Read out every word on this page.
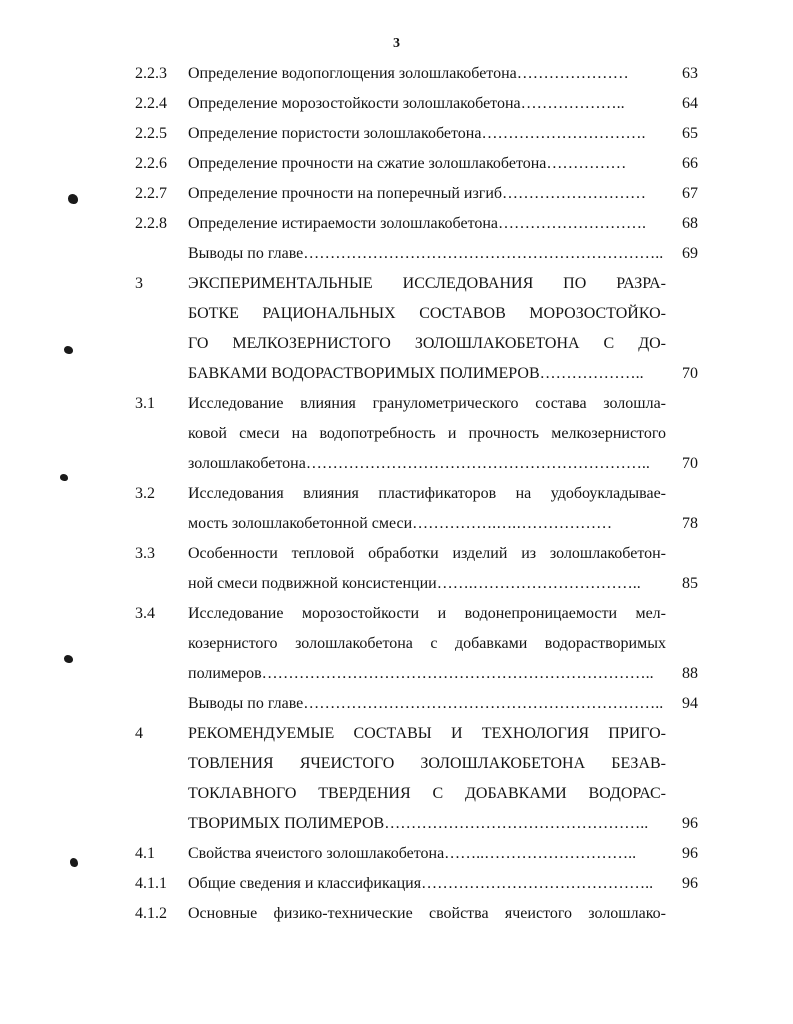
3
2.2.3 Определение водопоглощения золошлакобетона…………………	63
2.2.4 Определение морозостойкости золошлакобетона………………..	64
2.2.5 Определение пористости золошлакобетона………………………….	65
2.2.6 Определение прочности на сжатие золошлакобетона……………	66
2.2.7 Определение прочности на поперечный изгиб………………………	67
2.2.8 Определение истираемости золошлакобетона……………………….	68
Выводы по главе…………………………………………………………..	69
3	ЭКСПЕРИМЕНТАЛЬНЫЕ ИССЛЕДОВАНИЯ ПО РАЗРА-
БОТКЕ РАЦИОНАЛЬНЫХ СОСТАВОВ МОРОЗОСТОЙКО-
ГО МЕЛКОЗЕРНИСТОГО ЗОЛОШЛАКОБЕТОНА С ДО-
БАВКАМИ ВОДОРАСТВОРИМЫХ ПОЛИМЕРОВ………………..	70
3.1 Исследование влияния гранулометрического состава золошла-
ковой смеси на водопотребность и прочность мелкозернистого
золошлакобетона………………………………………………………..	70
3.2 Исследования влияния пластификаторов на удобоукладывае-
мость золошлакобетонной смеси…………….….………………	78
3.3 Особенности тепловой обработки изделий из золошлакобетон-
ной смеси подвижной консистенции…….…………………………..	85
3.4 Исследование морозостойкости и водонепроницаемости мел-
козернистого золошлакобетона с добавками водорастворимых
полимеров………………………………………………………………..	88
Выводы по главе…………………………………………………………..	94
4	РЕКОМЕНДУЕМЫЕ СОСТАВЫ И ТЕХНОЛОГИЯ ПРИГО-
ТОВЛЕНИЯ ЯЧЕИСТОГО ЗОЛОШЛАКОБЕТОНА БЕЗАВ-
ТОКЛАВНОГО ТВЕРДЕНИЯ С ДОБАВКАМИ ВОДОРАС-
ТВОРИМЫХ ПОЛИМЕРОВ…………………………………………..	96
4.1 Свойства ячеистого золошлакобетона……..………………………..	96
4.1.1 Общие сведения и классификация……………………………………..	96
4.1.2 Основные физико-технические свойства ячеистого золошлако-
